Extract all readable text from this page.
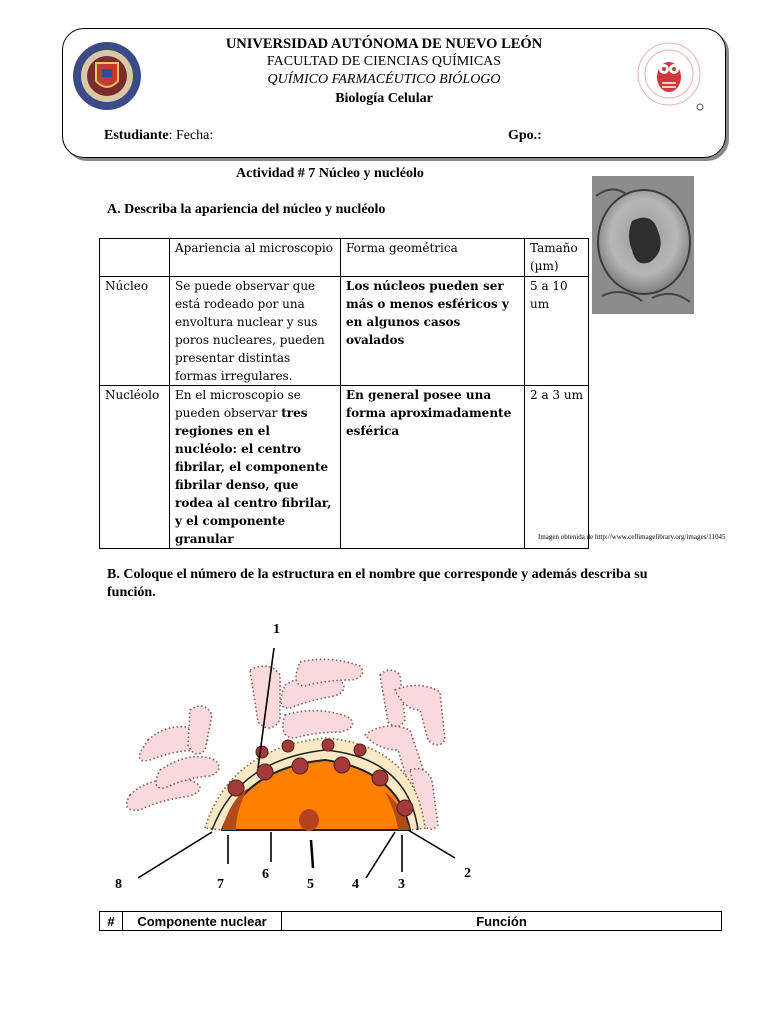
UNIVERSIDAD AUTÓNOMA DE NUEVO LEÓN
FACULTAD DE CIENCIAS QUÍMICAS
QUÍMICO FARMACÉUTICO BIÓLOGO
Biología Celular
Estudiante: Fecha:	Gpo.:
Actividad # 7 Núcleo y nucléolo
A. Describa la apariencia del núcleo y nucléolo
	Apariencia al microscopio	Forma geométrica	Tamaño (µm)
Núcleo	Se puede observar que está rodeado por una envoltura nuclear y sus poros nucleares, pueden presentar distintas formas irregulares.	Los núcleos pueden ser más o menos esféricos y en algunos casos ovalados	5 a 10 um
Nucléolo	En el microscopio se pueden observar tres regiones en el nucléolo: el centro fibrilar, el componente fibrilar denso, que rodea al centro fibrilar, y el componente granular	En general posee una forma aproximadamente esférica	2 a 3 um
Imagen obtenida de http://www.cellimagelibrary.org/images/11045
B. Coloque el número de la estructura en el nombre que corresponde y además describa su función.
1
2
3
4
5
6
7
8
#	Componente nuclear	Función
